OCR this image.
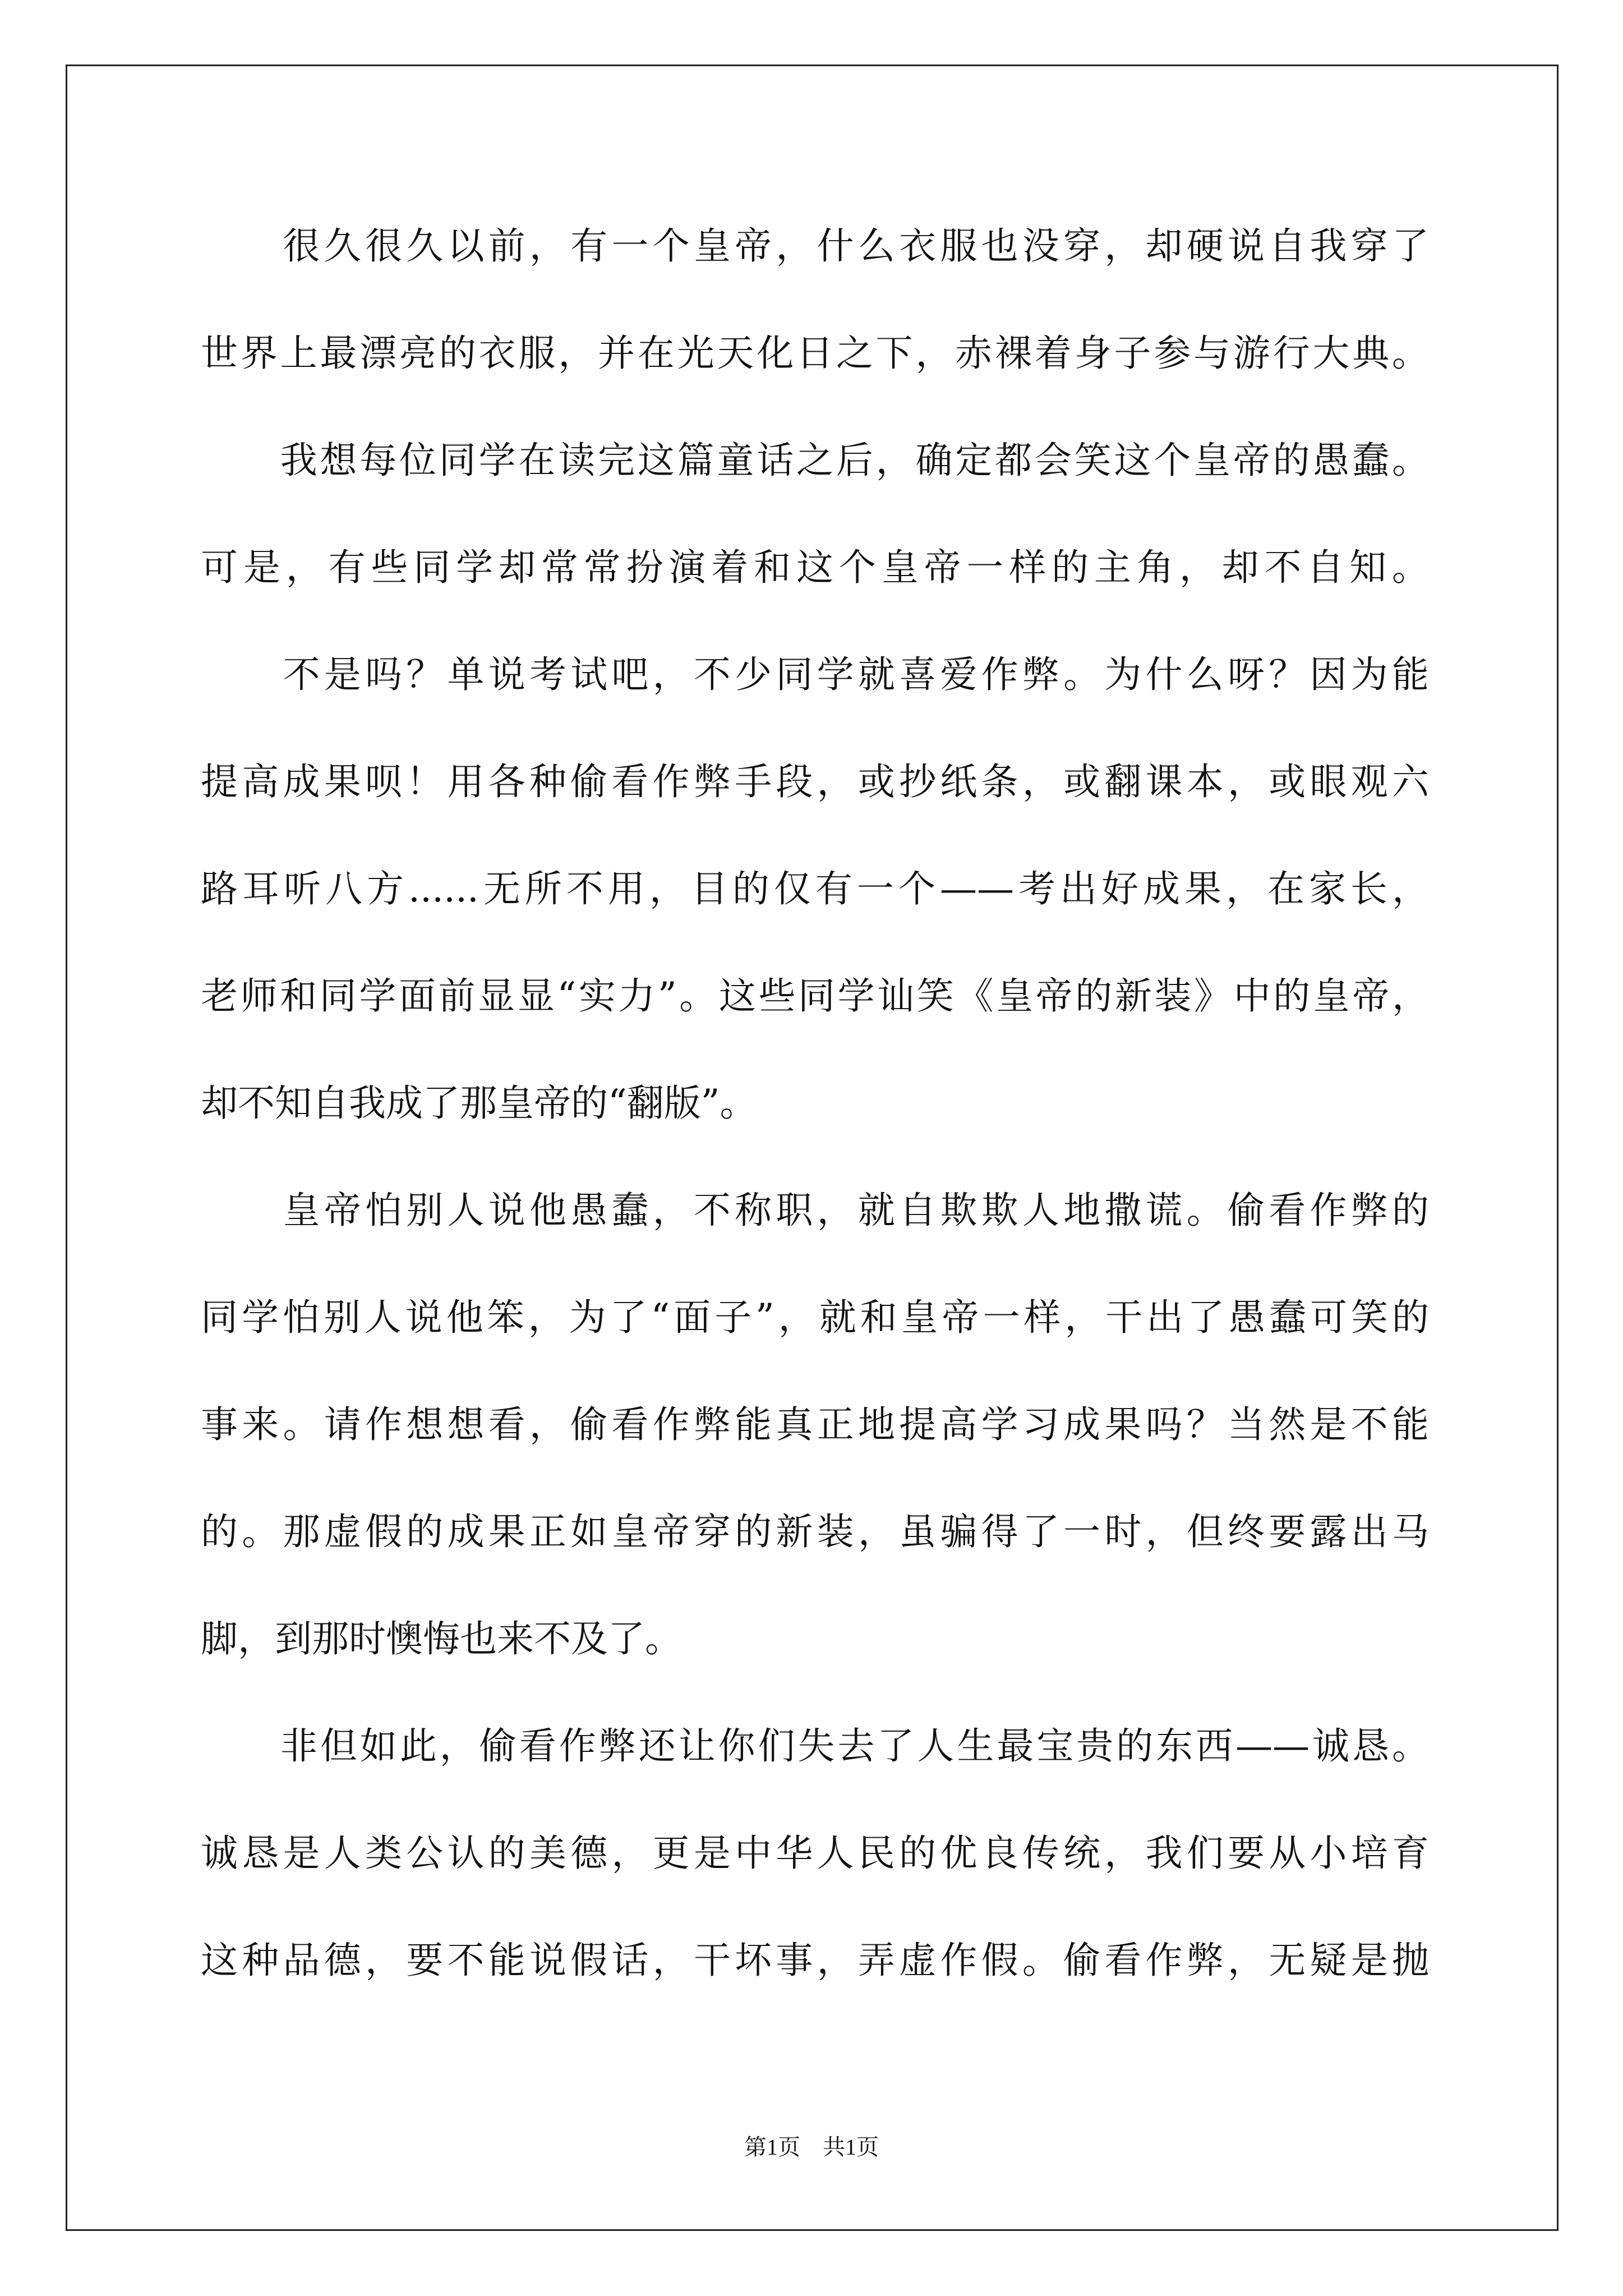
　　很久很久以前，有一个皇帝，什么衣服也没穿，却硬说自我穿了
世界上最漂亮的衣服，并在光天化日之下，赤裸着身子参与游行大典。
　　我想每位同学在读完这篇童话之后，确定都会笑这个皇帝的愚蠢。
可是，有些同学却常常扮演着和这个皇帝一样的主角，却不自知。
　　不是吗？单说考试吧，不少同学就喜爱作弊。为什么呀？因为能
提高成果呗！用各种偷看作弊手段，或抄纸条，或翻课本，或眼观六
路耳听八方......无所不用，目的仅有一个——考出好成果，在家长，
老师和同学面前显显“实力”。这些同学讪笑《皇帝的新装》中的皇帝，
却不知自我成了那皇帝的“翻版”。
　　皇帝怕别人说他愚蠢，不称职，就自欺欺人地撒谎。偷看作弊的
同学怕别人说他笨，为了“面子”，就和皇帝一样，干出了愚蠢可笑的
事来。请作想想看，偷看作弊能真正地提高学习成果吗？当然是不能
的。那虚假的成果正如皇帝穿的新装，虽骗得了一时，但终要露出马
脚，到那时懊悔也来不及了。
　　非但如此，偷看作弊还让你们失去了人生最宝贵的东西——诚恳。
诚恳是人类公认的美德，更是中华人民的优良传统，我们要从小培育
这种品德，要不能说假话，干坏事，弄虚作假。偷看作弊，无疑是抛
第1页　共1页
